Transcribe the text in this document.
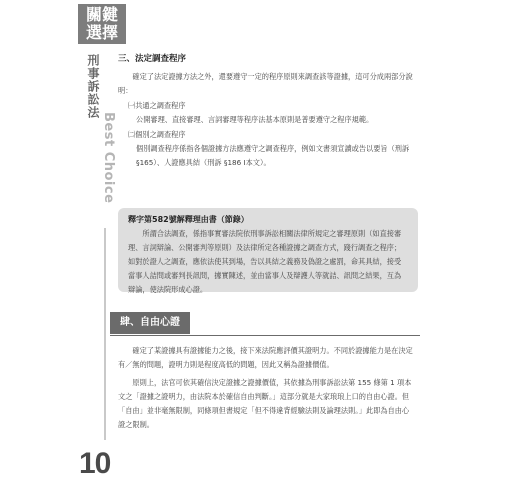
關鍵
選擇
刑事訴訟法
Best Choice
10
三、法定調查程序

確定了法定證據方法之外，還要遵守一定的程序原則來調查該等證據，這可分成兩部分說明：

㈠共通之調查程序

公開審理、直接審理、言詞審理等程序法基本原則是普要遵守之程序規範。

㈡個別之調查程序

個別調查程序係指各個證據方法應遵守之調查程序，例如文書須宣讀或告以要旨（刑訴 §165）、人證應具結（刑訴 §186 Ⅰ本文）。

釋字第582號解釋理由書（節錄）

所謂合法調查，係指事實審法院依刑事訴訟相關法律所規定之審理原則（如直接審理、言詞辯論、公開審判等原則）及法律所定各種證據之調查方式，踐行調查之程序；如對於證人之調查，應依法使其到場，告以具結之義務及偽證之處罰，命其具結，接受當事人詰問或審判長訊問，據實陳述，並由當事人及辯護人等就詰、訊問之結果，互為辯論，使法院形成心證。

肆、自由心證

確定了某證據具有證據能力之後，接下來法院應評價其證明力。不同於證據能力是在決定有／無的問題，證明力則是程度高低的問題，因此又稱為證據價值。

原則上，法官可依其確信決定證據之證據價值，其依據為刑事訴訟法第 155 條第 1 項本文之「證據之證明力，由法院本於確信自由判斷。」這部分就是大家琅琅上口的自由心證。但「自由」並非毫無限制，同條項但書規定「但不得違背經驗法則及論理法則。」此即為自由心證之限制。
